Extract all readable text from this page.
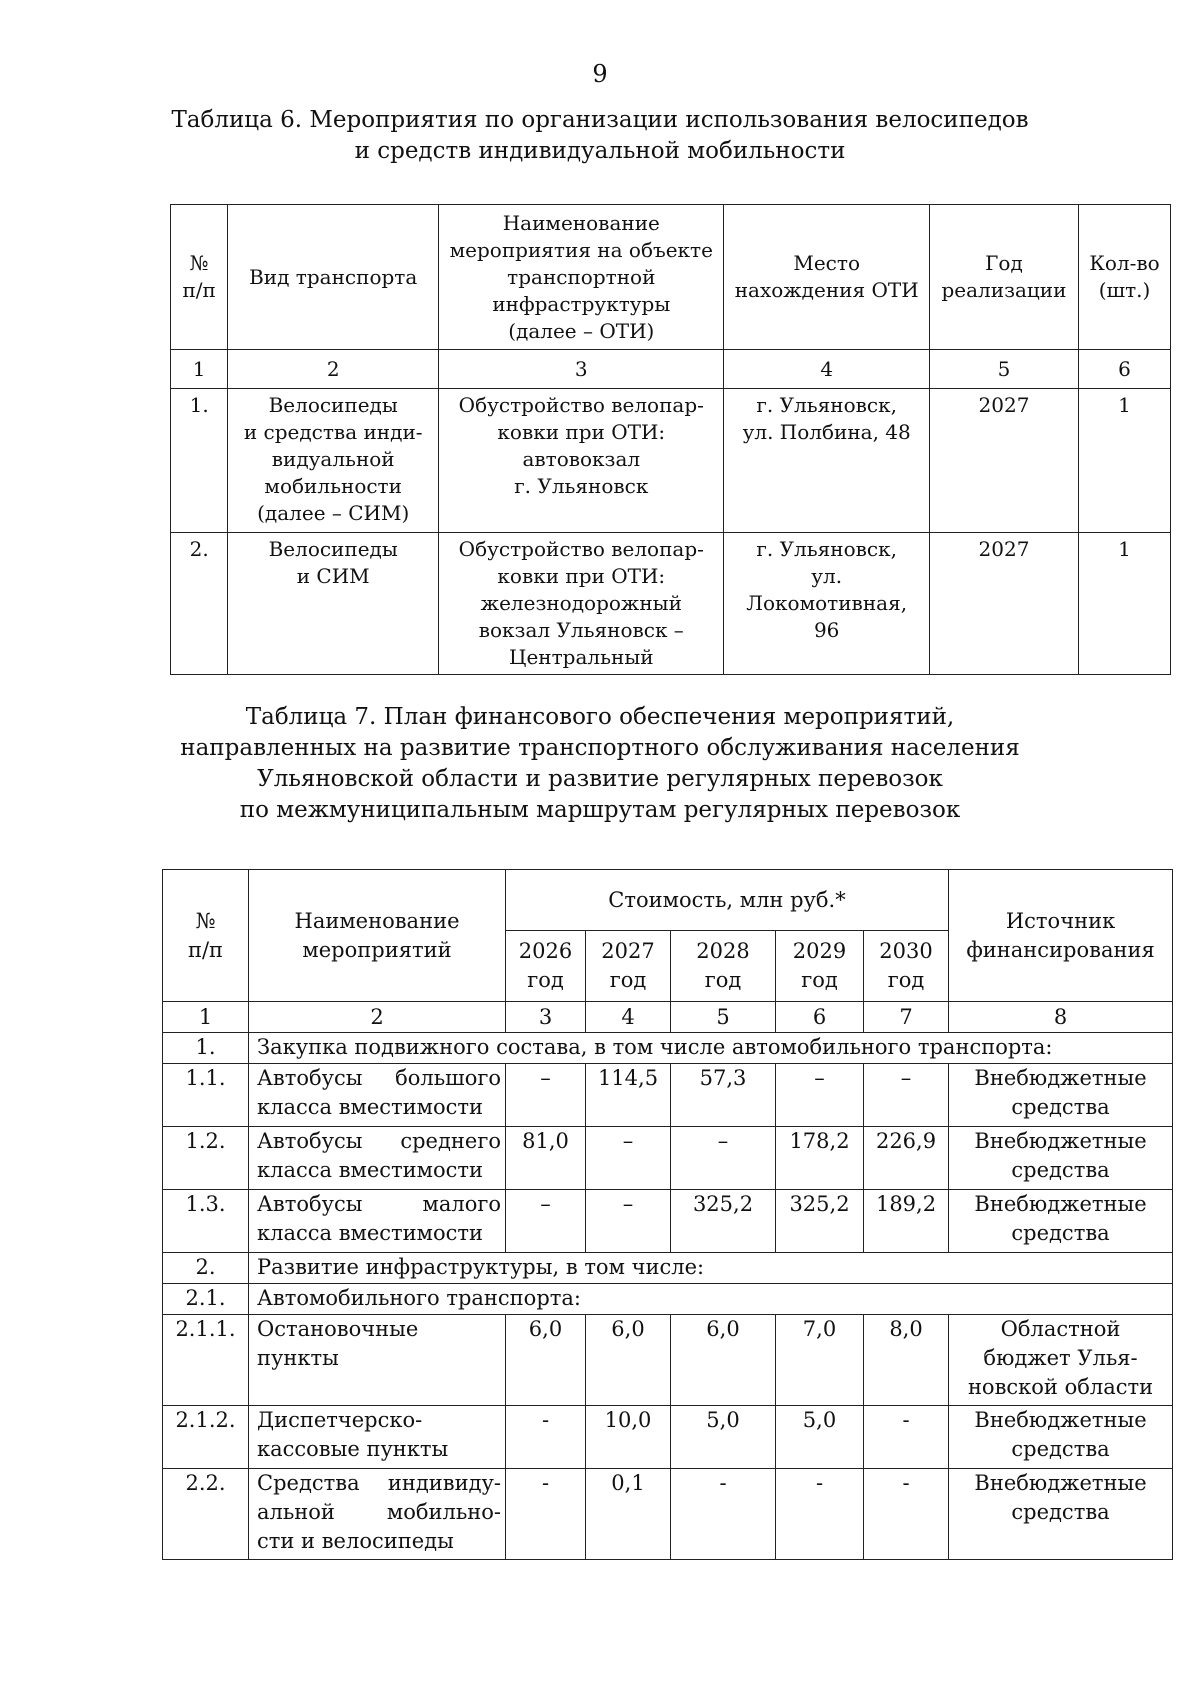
9
Таблица 6. Мероприятия по организации использования велосипедов
и средств индивидуальной мобильности
№
п/п	Вид транспорта	Наименование
мероприятия на объекте
транспортной
инфраструктуры
(далее – ОТИ)	Место
нахождения ОТИ	Год
реализации	Кол-во
(шт.)

1	2	3	4	5	6
1.	Велосипеды
и средства инди-
видуальной
мобильности
(далее – СИМ)	Обустройство велопар-
ковки при ОТИ:
автовокзал
г. Ульяновск	г. Ульяновск,
ул. Полбина, 48	2027	1
2.	Велосипеды
и СИМ	Обустройство велопар-
ковки при ОТИ:
железнодорожный
вокзал Ульяновск –
Центральный	г. Ульяновск,
ул. Локомотивная,
96	2027	1
Таблица 7. План финансового обеспечения мероприятий,
направленных на развитие транспортного обслуживания населения
Ульяновской области и развитие регулярных перевозок
по межмуниципальным маршрутам регулярных перевозок
№
п/п	Наименование
мероприятий	Стоимость, млн руб.*					Источник
финансирования

		2026
год	2027
год	2028
год	2029
год	2030
год	

1	2	3	4	5	6	7	8
1.	Закупка подвижного состава, в том числе автомобильного транспорта:						
1.1.	Автобусы большого
класса вместимости	–	114,5	57,3	–	–	Внебюджетные
средства

1.2.	Автобусы среднего
класса вместимости	81,0	–	–	178,2	226,9	Внебюджетные
средства

1.3.	Автобусы малого
класса вместимости	–	–	325,2	325,2	189,2	Внебюджетные
средства

2.	Развитие инфраструктуры, в том числе:						
2.1.	Автомобильного транспорта:						
2.1.1.	Остановочные
пункты	6,0	6,0	6,0	7,0	8,0	Областной
бюджет Улья-
новской области

2.1.2.	Диспетчерско-
кассовые пункты	-	10,0	5,0	5,0	-	Внебюджетные
средства

2.2.	Средства индивиду-
альной мобильно-
сти и велосипеды	-	0,1	-	-	-	Внебюджетные
средства
